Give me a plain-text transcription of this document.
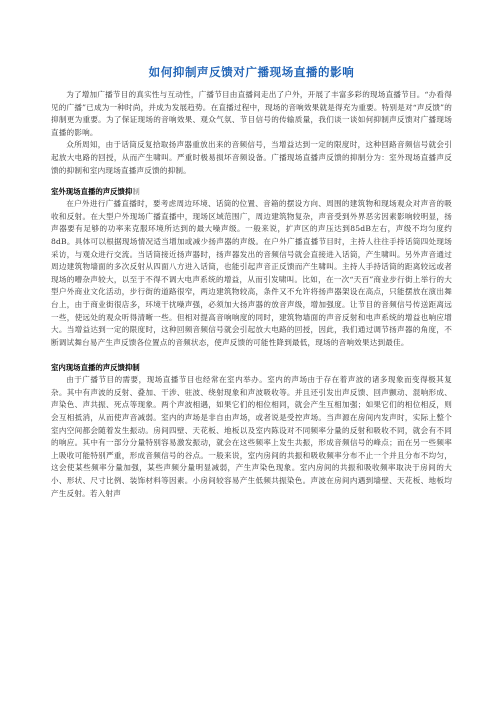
如何抑制声反馈对广播现场直播的影响

为了增加广播节目的真实性与互动性，广播节目由直播间走出了户外，开展了丰富多彩的现场直播节目。“办看得见的广播”已成为一种时尚，并成为发展趋势。在直播过程中，现场的音响效果就是得充为重要。特别是对“声反馈”的抑制更为重要。为了保证现场的音响效果、观众气氛、节目信号的传输质量，我们谈一谈如何抑制声反馈对广播现场直播的影响。

众所周知，由于话筒反复拾取扬声器重放出来的音频信号，当增益达到一定的限度时，这种回路音频信号就会引起放大电路的回授，从而产生啸叫。严重时极易损坏音频设备。广播现场直播声反馈的抑制分为：室外现场直播声反馈的抑制和室内现场直播声反馈的抑制。

室外现场直播的声反馈抑制

在户外进行广播直播时，要考虑周边环境、话筒的位置、音箱的摆设方向、周围的建筑物和现场观众对声音的吸收和反射。在大型户外现场广播直播中，现场区域范围广，周边建筑物复杂，声音受到外界恶劣因素影响较明显，扬声器要有足够的功率来克服环境所达到的最大噪声级。一般来说，扩声区的声压达到85dB左右，声级不均匀度约8dB。具体可以根据现场情况适当增加或减少扬声器的声级。在户外广播直播节目时，主持人往往手持话筒四处现场采访，与观众进行交流。当话筒接近扬声器时，扬声器发出的音频信号就会直接进入话筒，产生啸叫。另外声音通过周边建筑物墙面的多次反射从四面八方进入话筒，也能引起声音正反馈而产生啸叫。主持人手持话筒的距离较远或者现场的嘈杂声较大，以至于不得不调大电声系统的增益，从而引发啸叫。比如，在一次“天百”商业步行街上举行的大型户外商业文化活动，步行街的道路很窄，两边建筑物较高，条件又不允许将扬声器架设在高点，只能摆放在演出舞台上，由于商业街很店多，环境干扰噪声强，必须加大扬声器的放音声级，增加强度。让节目的音频信号传送距离远一些，使远处的观众听得清晰一些。但相对提高音响响度的同时，建筑物墙面的声音反射和电声系统的增益也响应增大。当增益达到一定的限度时，这种回频音频信号就会引起放大电路的回授，因此，我们通过调节扬声器的角度，不断调试舞台易产生声反馈各位置点的音频状态，使声反馈的可能性降到最低，现场的音响效果达到最佳。

室内现场直播的声反馈抑制

由于广播节目的需要，现场直播节目也经常在室内举办。室内的声场由于存在着声波的诸多现象而变得极其复杂。其中有声波的反射、叠加、干涉、驻波、绕射现象和声波吸收等。并且还引发出声反馈、回声颤动、混响形成、声染色、声共振、死点等现象。两个声波相遇，如果它们的相位相同，就会产生互相加强；如果它们的相位相反，则会互相抵消，从而使声音减弱。室内的声场是非自由声场，或者说是受控声场。当声源在房间内发声时，实际上整个室内空间都会随着发生振动。房间四壁、天花板、地板以及室内陈设对不同频率分量的反射和吸收不同，就会有不同的响应。其中有一部分分量特别容易激发振动，就会在这些频率上发生共振，形成音频信号的峰点；而在另一些频率上吸收可能特别严重，形成音频信号的谷点。一般来说，室内房间的共振和吸收频率分布不止一个并且分布不均匀，这会使某些频率分量加强，某些声频分量明显减弱，产生声染色现象。室内房间的共振和吸收频率取决于房间的大小、形状、尺寸比例、装饰材料等因素。小房间较容易产生低频共振染色。声波在房间内遇到墙壁、天花板、地板均产生反射。若入射声
